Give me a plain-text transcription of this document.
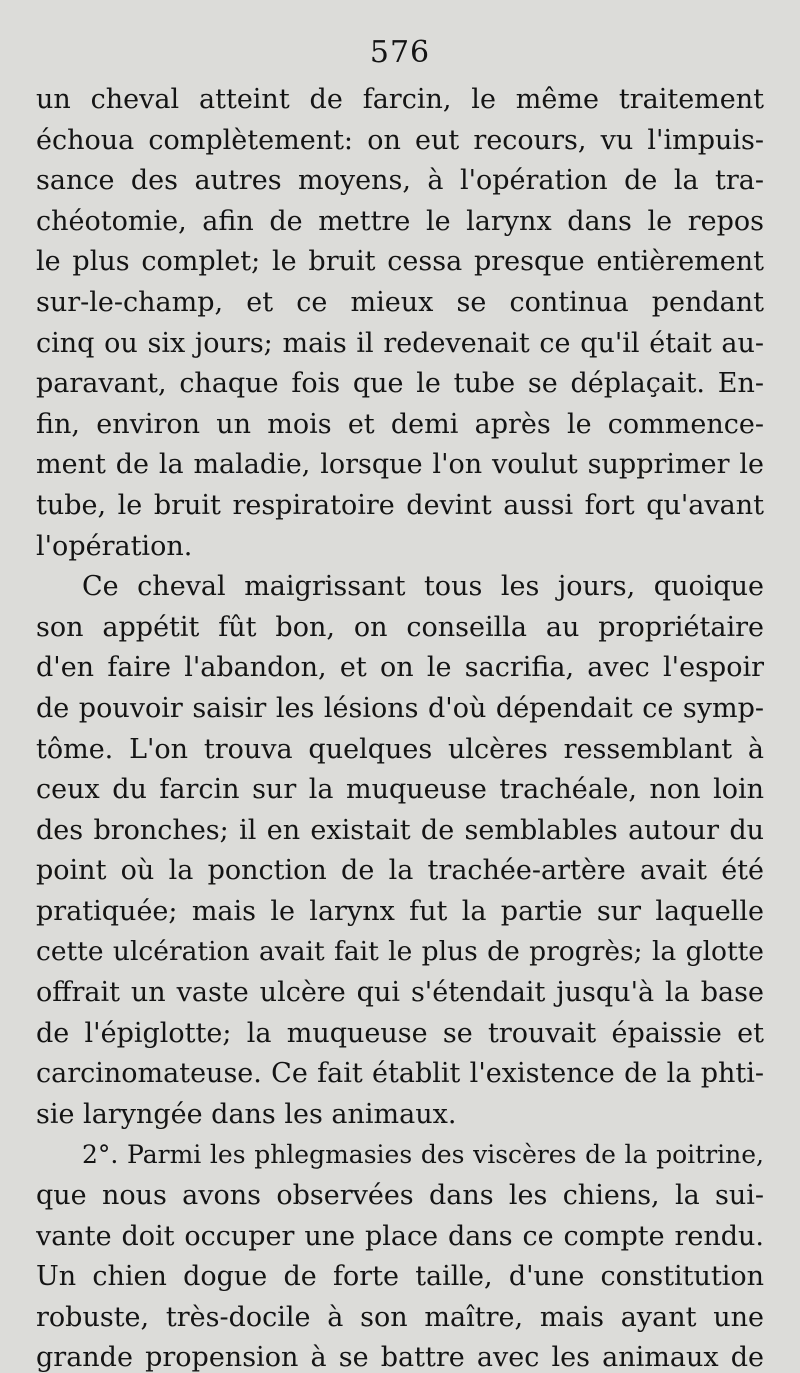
576
un cheval atteint de farcin, le même traitement
échoua complètement: on eut recours, vu l'impuis-
sance des autres moyens, à l'opération de la tra-
chéotomie, afin de mettre le larynx dans le repos
le plus complet; le bruit cessa presque entièrement
sur-le-champ, et ce mieux se continua pendant
cinq ou six jours; mais il redevenait ce qu'il était au-
paravant, chaque fois que le tube se déplaçait. En-
fin, environ un mois et demi après le commence-
ment de la maladie, lorsque l'on voulut supprimer le
tube, le bruit respiratoire devint aussi fort qu'avant
l'opération.
Ce cheval maigrissant tous les jours, quoique
son appétit fût bon, on conseilla au propriétaire
d'en faire l'abandon, et on le sacrifia, avec l'espoir
de pouvoir saisir les lésions d'où dépendait ce symp-
tôme. L'on trouva quelques ulcères ressemblant à
ceux du farcin sur la muqueuse trachéale, non loin
des bronches; il en existait de semblables autour du
point où la ponction de la trachée-artère avait été
pratiquée; mais le larynx fut la partie sur laquelle
cette ulcération avait fait le plus de progrès; la glotte
offrait un vaste ulcère qui s'étendait jusqu'à la base
de l'épiglotte; la muqueuse se trouvait épaissie et
carcinomateuse. Ce fait établit l'existence de la phti-
sie laryngée dans les animaux.
2°. Parmi les phlegmasies des viscères de la poitrine,
que nous avons observées dans les chiens, la sui-
vante doit occuper une place dans ce compte rendu.
Un chien dogue de forte taille, d'une constitution
robuste, très-docile à son maître, mais ayant une
grande propension à se battre avec les animaux de
